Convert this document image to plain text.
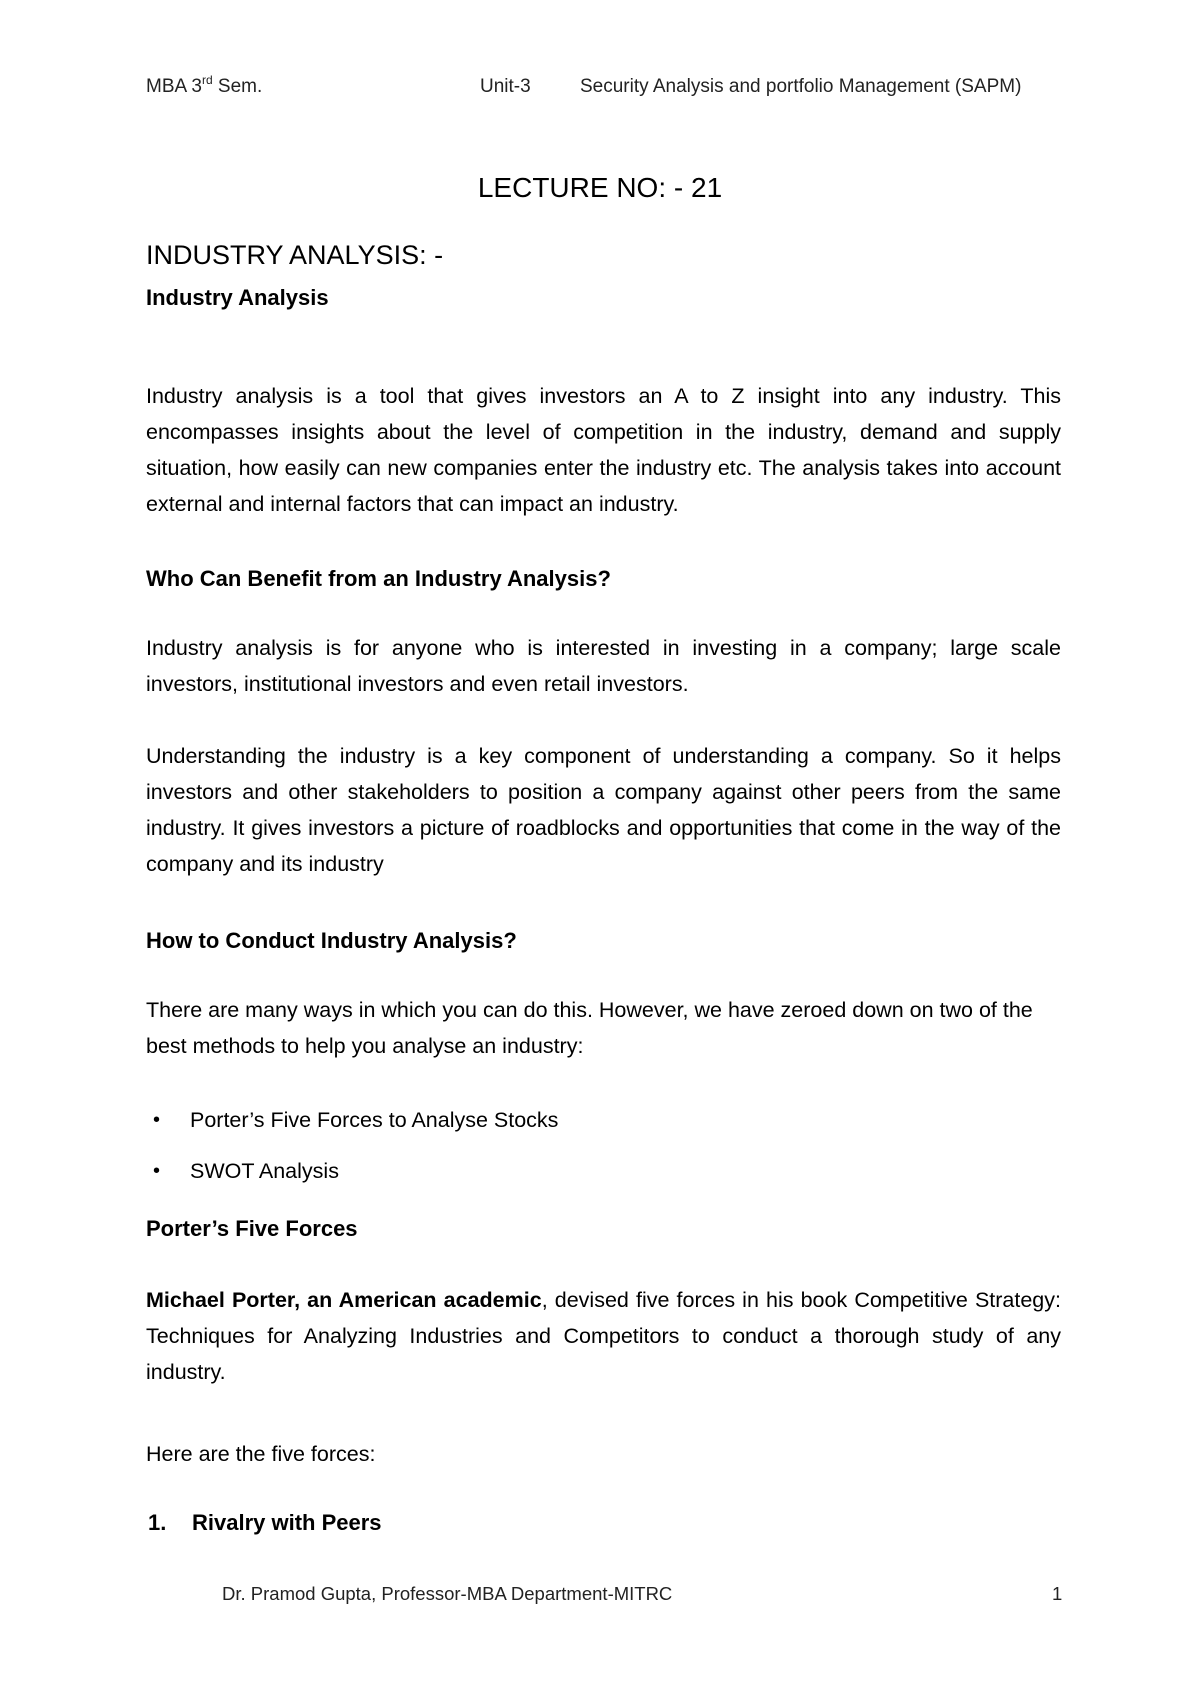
MBA 3rd Sem.	Unit-3	Security Analysis and portfolio Management (SAPM)
LECTURE NO: - 21
INDUSTRY ANALYSIS: -
Industry Analysis
Industry analysis is a tool that gives investors an A to Z insight into any industry. This encompasses insights about the level of competition in the industry, demand and supply situation, how easily can new companies enter the industry etc. The analysis takes into account external and internal factors that can impact an industry.
Who Can Benefit from an Industry Analysis?
Industry analysis is for anyone who is interested in investing in a company; large scale investors, institutional investors and even retail investors.
Understanding the industry is a key component of understanding a company. So it helps investors and other stakeholders to position a company against other peers from the same industry. It gives investors a picture of roadblocks and opportunities that come in the way of the company and its industry
How to Conduct Industry Analysis?
There are many ways in which you can do this. However, we have zeroed down on two of the best methods to help you analyse an industry:
• Porter’s Five Forces to Analyse Stocks
• SWOT Analysis
Porter’s Five Forces
Michael Porter, an American academic, devised five forces in his book Competitive Strategy: Techniques for Analyzing Industries and Competitors to conduct a thorough study of any industry.
Here are the five forces:
1. Rivalry with Peers
Dr. Pramod Gupta, Professor-MBA Department-MITRC	1
